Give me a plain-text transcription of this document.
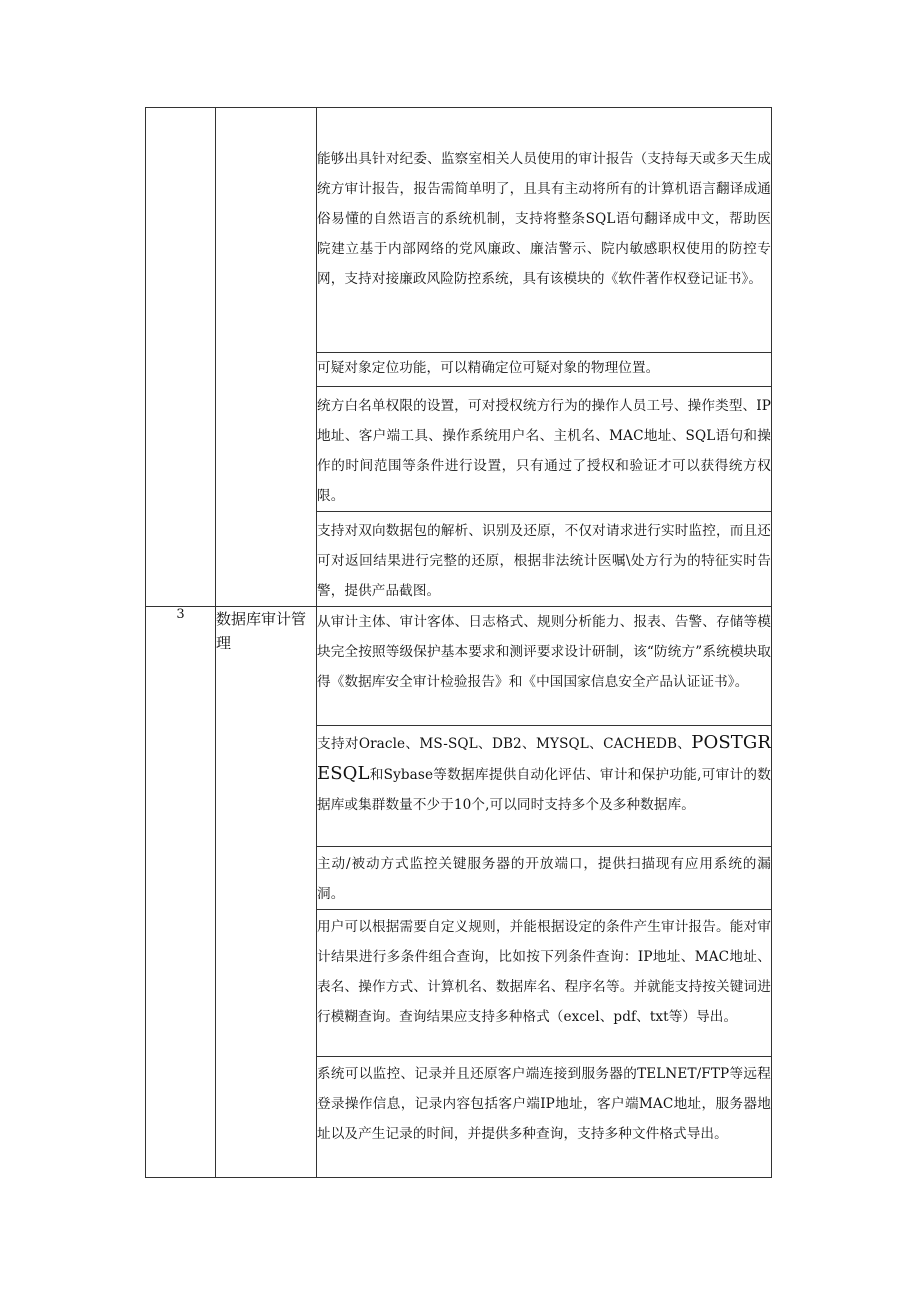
		能够出具针对纪委、监察室相关人员使用的审计报告（支持每天或多天生成统方审计报告，报告需简单明了，且具有主动将所有的计算机语言翻译成通俗易懂的自然语言的系统机制，支持将整条SQL语句翻译成中文，帮助医院建立基于内部网络的党风廉政、廉洁警示、院内敏感职权使用的防控专网，支持对接廉政风险防控系统，具有该模块的《软件著作权登记证书》。

		可疑对象定位功能，可以精确定位可疑对象的物理位置。

		统方白名单权限的设置，可对授权统方行为的操作人员工号、操作类型、IP地址、客户端工具、操作系统用户名、主机名、MAC地址、SQL语句和操作的时间范围等条件进行设置，只有通过了授权和验证才可以获得统方权限。

		支持对双向数据包的解析、识别及还原，不仅对请求进行实时监控，而且还可对返回结果进行完整的还原，根据非法统计医嘱\处方行为的特征实时告警，提供产品截图。

3	数据库审计管理	从审计主体、审计客体、日志格式、规则分析能力、报表、告警、存储等模块完全按照等级保护基本要求和测评要求设计研制，该“防统方”系统模块取得《数据库安全审计检验报告》和《中国国家信息安全产品认证证书》。

		支持对Oracle、MS-SQL、DB2、MYSQL、CACHEDB、POSTGRESQL和Sybase等数据库提供自动化评估、审计和保护功能,可审计的数据库或集群数量不少于10个,可以同时支持多个及多种数据库。

		主动/被动方式监控关键服务器的开放端口，提供扫描现有应用系统的漏洞。

		用户可以根据需要自定义规则，并能根据设定的条件产生审计报告。能对审计结果进行多条件组合查询，比如按下列条件查询：IP地址、MAC地址、表名、操作方式、计算机名、数据库名、程序名等。并就能支持按关键词进行模糊查询。查询结果应支持多种格式（excel、pdf、txt等）导出。

		系统可以监控、记录并且还原客户端连接到服务器的TELNET/FTP等远程登录操作信息，记录内容包括客户端IP地址，客户端MAC地址，服务器地址以及产生记录的时间，并提供多种查询，支持多种文件格式导出。
